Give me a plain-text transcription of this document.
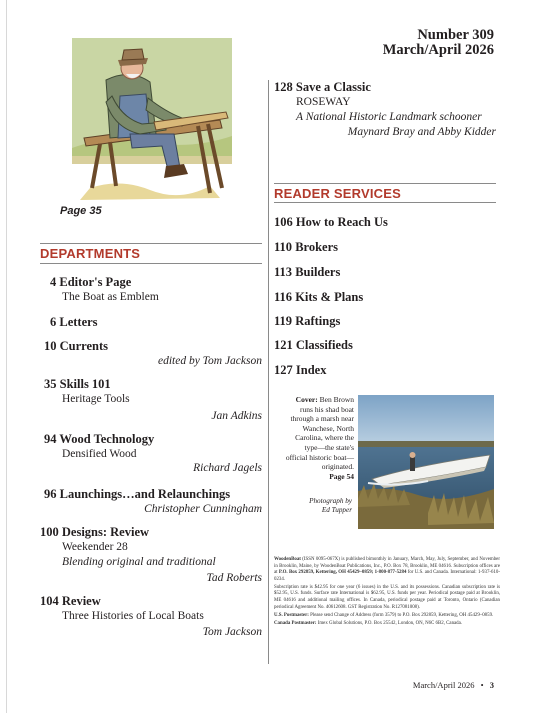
Number 309
March/April 2026
Page 35
128 Save a Classic
ROSEWAY
A National Historic Landmark schooner
Maynard Bray and Abby Kidder
READER SERVICES
106 How to Reach Us
110 Brokers
113 Builders
116 Kits & Plans
119 Raftings
121 Classifieds
127 Index
DEPARTMENTS
4 Editor's Page
The Boat as Emblem
6 Letters
10 Currents
edited by Tom Jackson
35 Skills 101
Heritage Tools
Jan Adkins
94 Wood Technology
Densified Wood
Richard Jagels
96 Launchings…and Relaunchings
Christopher Cunningham
100 Designs: Review
Weekender 28
Blending original and traditional
Tad Roberts
104 Review
Three Histories of Local Boats
Tom Jackson
Cover: Ben Brown runs his shad boat through a marsh near Wanchese, North Carolina, where the type—the state's official historic boat—originated.
Page 54
Photograph by
Ed Tupper

WoodenBoat (ISSN 0095-067X) is published bimonthly in January, March, May, July, September, and November in Brooklin, Maine, by WoodenBoat Publications, Inc., P.O. Box 78, Brooklin, ME 04616. Subscription offices are at P.O. Box 292859, Kettering, OH 45429–0859; 1-800-877-5284 for U.S. and Canada. International: 1-937-610-0234.

Subscription rate is $42.95 for one year (6 issues) in the U.S. and its possessions. Canadian subscription rate is $52.95, U.S. funds. Surface rate International is $62.95, U.S. funds per year. Periodical postage paid at Brooklin, ME 04616 and additional mailing offices. In Canada, periodical postage paid at Toronto, Ontario (Canadian periodical Agreement No. 40612608. GST Registration No. R127081008).

U.S. Postmaster: Please send Change of Address (form 3579) to P.O. Box 292859, Kettering, OH 45429–0859.

Canada Postmaster: Imex Global Solutions, P.O. Box 25542, London, ON, N6C 6B2, Canada.

March/April 2026 • 3
